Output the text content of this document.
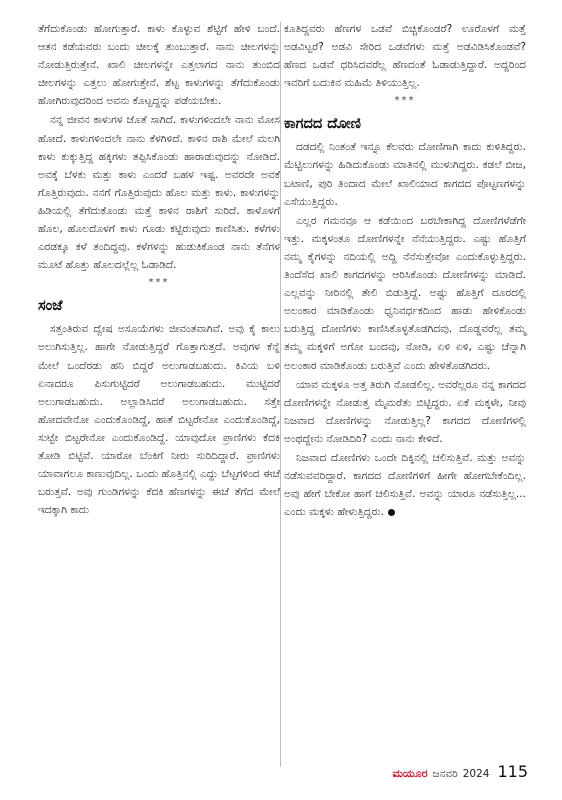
ತೆಗೆದುಕೊಂಡು ಹೋಗುತ್ತಾರೆ. ಕಾಳು ಕೊಳ್ಳುವ ಶೆಟ್ಟಿಗೆ ಹೇಳಿ ಬಂದೆ. ಆತನ ಕಡೆಯವರು ಬಂದು ಚೀಲಕ್ಕೆ ತುಂಬುತ್ತಾರೆ. ನಾನು ಚೀಲಗಳನ್ನು ನೋಡುತ್ತಿರುತ್ತೇನೆ. ಖಾಲಿ ಚೀಲಗಳನ್ನೇ ಎತ್ತಲಾಗದ ನಾನು ತುಂಬಿದ ಚೀಲಗಳನ್ನು ಎತ್ತಲು ಹೋಗುತ್ತೇನೆ. ಶೆಟ್ಟ ಕಾಳುಗಳನ್ನು ತೆಗೆದುಕೊಂಡು ಹೋಗಿರುವುದರಿಂದ ಅವನು ಕೊಟ್ಟದ್ದನ್ನು ಪಡೆಯಬೇಕು.

ನನ್ನ ಜೀವನ ಕಾಳುಗಳ ಜೊತೆ ಸಾಗಿದೆ. ಕಾಳುಗಳಿಂದಲೇ ನಾನು ಮೋಸ ಹೋದೆ. ಕಾಳುಗಳಿಂದಲೇ ನಾನು ಕೆಳಗಿಳಿದೆ. ಕಾಳಿನ ರಾಶಿ ಮೇಲೆ ಮಲಗಿ ಕಾಳು ಕುಕ್ಕುತ್ತಿದ್ದ ಹಕ್ಕಿಗಳು ತಪ್ಪಿಸಿಕೊಂಡು ಹಾರಾಡುವುದನ್ನು ನೋಡಿದೆ. ಅವಕ್ಕೆ ಬೆಳಕು ಮತ್ತು ಕಾಳು ಎಂದರೆ ಬಹಳ ಇಷ್ಟ. ಅವರದೇ ಅವಕೆ ಗೊತ್ತಿರುವುದು. ನನಗೆ ಗೊತ್ತಿರುವುದು ಹೊಲ ಮತ್ತು ಕಾಳು. ಕಾಳುಗಳನ್ನು ಹಿಡಿಯಲ್ಲಿ ತೆಗೆದುಕೊಂಡು ಮತ್ತೆ ಕಾಳಿನ ರಾಶಿಗೆ ಸುರಿದೆ. ಕಾಳೊಳಗೆ ಹೊಲ, ಹೊಲದೊಳಗೆ ಕಾಳು ಗೂಡು ಕಟ್ಟಿರುವುದು ಕಾಣಿಸಿತು. ಕಳೆಗಳು ಎರಡಕ್ಕೂ ಕಳೆ ತಂದಿದ್ದವು. ಕಳೆಗಳನ್ನು ಹುಡುಕಿಕೊಂಡ ನಾನು ತೆನೆಗಳ ಮೂಟೆ ಹೊತ್ತು ಹೊಲದಲ್ಲೆಲ್ಲ ಓಡಾಡಿದೆ.

***
ಸಂಜೆ

ಸತ್ತಂತಿರುವ ದ್ವೇಷ ಅಸೂಯೆಗಳು ಜೀವಂತವಾಗಿವೆ. ಅವು ಕೈ ಕಾಲು ಅಲುಗಿಸುತ್ತಿಲ್ಲ. ಹಾಗೇ ನೋಡುತ್ತಿದ್ದರೆ ಗೊತ್ತಾಗುತ್ತದೆ. ಅವುಗಳ ಕೆನ್ನೆ ಮೇಲೆ ಒಂದೆರಡು ಹನಿ ಬಿದ್ದರೆ ಅಲುಗಾಡಬಹುದು. ಕಿವಿಯ ಬಳಿ ಏನಾದರೂ ಪಿಸುಗುಟ್ಟಿದರೆ ಅಲುಗಾಡಬಹುದು. ಮುಟ್ಟಿದರೆ ಅಲುಗಾಡಬಹುದು. ಅಲ್ಲಾಡಿಸಿದರೆ ಅಲುಗಾಡಬಹುದು. ಸತ್ತೇ ಹೋದವೇನೋ ಎಂದುಕೊಂಡಿದ್ದೆ, ಹಾತೆ ಬಿಟ್ಟರೇನೋ ಎಂದುಕೊಂಡಿದ್ದೆ, ಸುಟ್ಟೇ ಬಿಟ್ಟರೇನೋ ಎಂದುಕೊಂಡಿದ್ದೆ. ಯಾವುದೋ ಪ್ರಾಣಿಗಳು ಕೆದಕಿ ತೋಡಿ ಬಿಟ್ಟಿವೆ. ಯಾರೋ ಬೆಂಕಿಗೆ ನೀರು ಸುರಿದಿದ್ದಾರೆ. ಪ್ರಾಣಿಗಳು ಯಾವಾಗಲೂ ಕಾಣುವುದಿಲ್ಲ. ಒಂದು ಹೊತ್ತಿನಲ್ಲಿ ಎದ್ದು ಬೆಟ್ಟಗಳಿಂದ ಈಚೆ ಬರುತ್ತವೆ. ಅವು ಗುಂಡಿಗಳನ್ನು ಕೆದಕಿ ಹೆಣಗಳನ್ನು ಈಚೆ ತೆಗೆದ ಮೇಲೆ ಇದಕ್ಕಾಗಿ ಕಾದು

ಕೂತಿದ್ದವರು ಹೆಣಗಳ ಒಡವೆ ಬಿಚ್ಚಿಕೊಂಡರೆ? ಊರೊಳಗೆ ಮತ್ತೆ ಅಡವಿಟ್ಟರೆ? ಅಡವಿ ಸೇರಿದ ಒಡವೆಗಳು ಮತ್ತೆ ಅಡವಿಡಿಸಿಕೊಂಡವೆ? ಹೆಣದ ಒಡವೆ ಧರಿಸಿದವರೆಲ್ಲ ಹೆಣದಂತೆ ಓಡಾಡುತ್ತಿದ್ದಾರೆ. ಅದ್ದರಿಂದ ಇವರಿಗೆ ಬದುಕಿನ ಮಹಿಮೆ ತಿಳಿಯುತ್ತಿಲ್ಲ.

***
ಕಾಗದದ ದೋಣಿ

ದಡದಲ್ಲಿ ನಿಂತಂತೆ ಇನ್ನೂ ಕೆಲವರು ದೋಣಿಗಾಗಿ ಕಾದು ಕುಳಿತಿದ್ದರು. ಮೆಟ್ಟಿಲುಗಳನ್ನು ಹಿಡಿದುಕೊಂಡು ಮಾತಿನಲ್ಲಿ ಮುಳುಗಿದ್ದರು. ಕಡಲೆ ಬೀಜ, ಬಟಾಣಿ, ಪುರಿ ತಿಂದಾದ ಮೇಲೆ ಖಾಲಿಯಾದ ಕಾಗದದ ಪೊಟ್ಟಣಗಳನ್ನು ಎಸೆಯುತ್ತಿದ್ದರು.

ಎಲ್ಲರ ಗಮನವೂ ಆ ಕಡೆಯಿಂದ ಬರಬೇಕಾಗಿದ್ದ ದೋಣಿಗಳೆಡೆಗೇ ಇತ್ತು. ಮಕ್ಕಳಂತೂ ದೋಣಿಗಳನ್ನೇ ನೆನೆಯುತ್ತಿದ್ದರು. ಎಷ್ಟು ಹೊತ್ತಿಗೆ ನಮ್ಮ ಕೈಗಳನ್ನು ನದಿಯಲ್ಲಿ ಅದ್ದಿ ನೆನೆಸುತ್ತೇವೋ ಎಂದುಕೊಳ್ಳುತ್ತಿದ್ದರು. ತಿಂದೆಸೆದ ಖಾಲಿ ಕಾಗದಗಳನ್ನು ಆರಿಸಿಕೊಂಡು ದೋಣಿಗಳನ್ನು ಮಾಡಿದೆ. ಎಲ್ಲವನ್ನು ನೀರಿನಲ್ಲಿ ತೇಲಿ ಬಿಡುತ್ತಿದ್ದೆ. ಅಷ್ಟು ಹೊತ್ತಿಗೆ ದೂರದಲ್ಲಿ ಅಲಂಕಾರ ಮಾಡಿಕೊಂಡು ಧ್ವನಿವರ್ಧಕದಿಂದ ಹಾಡು ಹೇಳಿಕೊಂಡು ಬರುತ್ತಿದ್ದ ದೋಣಿಗಳು ಕಾಣಿಸಿಕೊಳ್ಳತೊಡಗಿದವು. ದೊಡ್ಡವರೆಲ್ಲ ತಮ್ಮ ತಮ್ಮ ಮಕ್ಕಳಿಗೆ ಅಗೋ ಬಂದವು, ನೋಡಿ, ಏಳಿ ಏಳಿ, ಎಷ್ಟು ಚೆನ್ನಾಗಿ ಅಲಂಕಾರ ಮಾಡಿಕೊಂಡು ಬರುತ್ತಿವೆ ಎಂದು ಹೇಳತೊಡಗಿದರು.

ಯಾವ ಮಕ್ಕಳೂ ಅತ್ತ ತಿರುಗಿ ನೋಡಲಿಲ್ಲ. ಅವರೆಲ್ಲರೂ ನನ್ನ ಕಾಗದದ ದೋಣಿಗಳನ್ನೇ ನೋಡುತ್ತ ಮೈಮರೆತು ಬಿಟ್ಟಿದ್ದರು. ಏಕೆ ಮಕ್ಕಳೇ, ನೀವು ನಿಜವಾದ ದೋಣಿಗಳನ್ನು ನೋಡುತ್ತಿಲ್ಲ? ಕಾಗದದ ದೋಣಿಗಳಲ್ಲಿ ಅಂಥದ್ದೇನು ನೋಡಿದಿರಿ? ಎಂದು ನಾನು ಕೇಳಿದೆ.

ನಿಜವಾದ ದೋಣಿಗಳು ಒಂದೇ ದಿಕ್ಕಿನಲ್ಲಿ ಚಲಿಸುತ್ತಿವೆ. ಮತ್ತು ಅವನ್ನು ನಡೆಸುವವರಿದ್ದಾರೆ. ಕಾಗದದ ದೋಣಿಗಳಿಗೆ ಹೀಗೇ ಹೋಗಬೇಕೆಂದಿಲ್ಲ. ಅವು ಹೇಗೆ ಬೇಕೋ ಹಾಗೆ ಚಲಿಸುತ್ತಿವೆ. ಅವನ್ನು ಯಾರೂ ನಡೆಸುತ್ತಿಲ್ಲ... ಎಂದು ಮಕ್ಕಳು ಹೇಳುತ್ತಿದ್ದರು.

ಮಯೂರ ಜನವರಿ 2024 115
